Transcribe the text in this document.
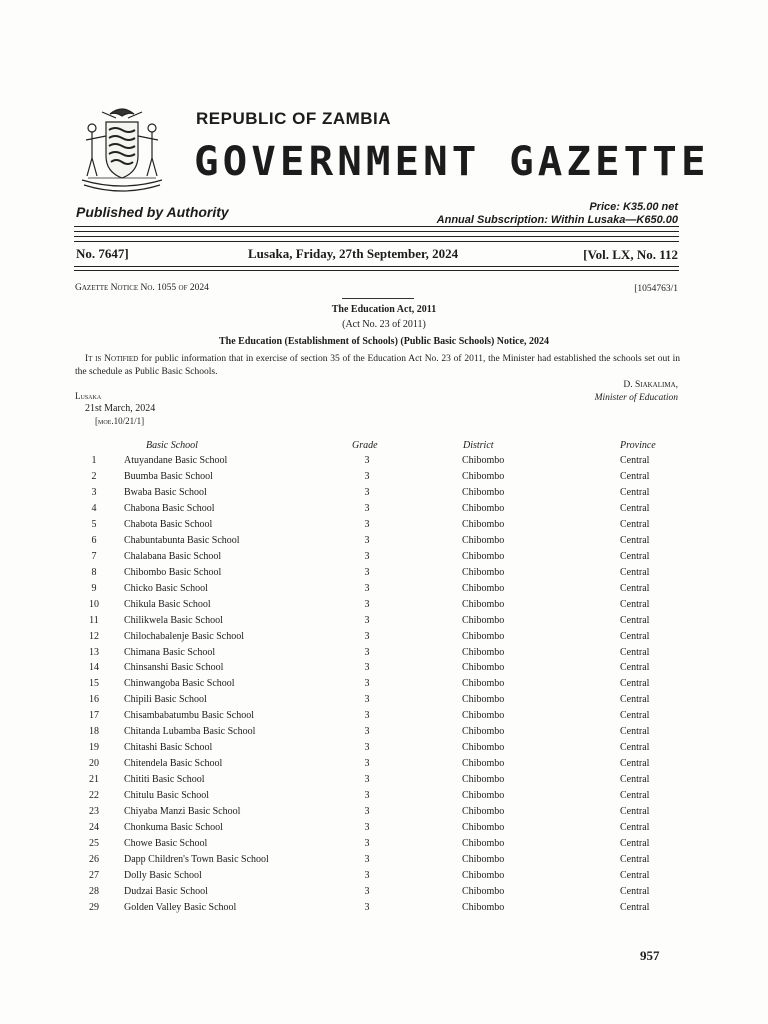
REPUBLIC OF ZAMBIA
GOVERNMENT GAZETTE
Published by Authority	Price: K35.00 net
Annual Subscription: Within Lusaka—K650.00
No. 7647]	Lusaka, Friday, 27th September, 2024	[Vol. LX, No. 112
Gazette Notice No. 1055 of 2024	[1054763/1
The Education Act, 2011
(Act No. 23 of 2011)
The Education (Establishment of Schools) (Public Basic Schools) Notice, 2024
It is Notified for public information that in exercise of section 35 of the Education Act No. 23 of 2011, the Minister had established the schools set out in the schedule as Public Basic Schools.
D. Siakalima,
Minister of Education
Lusaka
21st March, 2024
[moe.10/21/1]
Basic School	Grade	District	Province
1	Atuyandane Basic School	3	Chibombo	Central
2	Buumba Basic School	3	Chibombo	Central
3	Bwaba Basic School	3	Chibombo	Central
4	Chabona Basic School	3	Chibombo	Central
5	Chabota Basic School	3	Chibombo	Central
6	Chabuntabunta Basic School	3	Chibombo	Central
7	Chalabana Basic School	3	Chibombo	Central
8	Chibombo Basic School	3	Chibombo	Central
9	Chicko Basic School	3	Chibombo	Central
10	Chikula Basic School	3	Chibombo	Central
11	Chilikwela Basic School	3	Chibombo	Central
12	Chilochabalenje Basic School	3	Chibombo	Central
13	Chimana Basic School	3	Chibombo	Central
14	Chinsanshi Basic School	3	Chibombo	Central
15	Chinwangoba Basic School	3	Chibombo	Central
16	Chipili Basic School	3	Chibombo	Central
17	Chisambabatumbu Basic School	3	Chibombo	Central
18	Chitanda Lubamba Basic School	3	Chibombo	Central
19	Chitashi Basic School	3	Chibombo	Central
20	Chitendela Basic School	3	Chibombo	Central
21	Chititi Basic School	3	Chibombo	Central
22	Chitulu Basic School	3	Chibombo	Central
23	Chiyaba Manzi Basic School	3	Chibombo	Central
24	Chonkuma Basic School	3	Chibombo	Central
25	Chowe Basic School	3	Chibombo	Central
26	Dapp Children's Town Basic School	3	Chibombo	Central
27	Dolly Basic School	3	Chibombo	Central
28	Dudzai Basic School	3	Chibombo	Central
29	Golden Valley Basic School	3	Chibombo	Central
957
